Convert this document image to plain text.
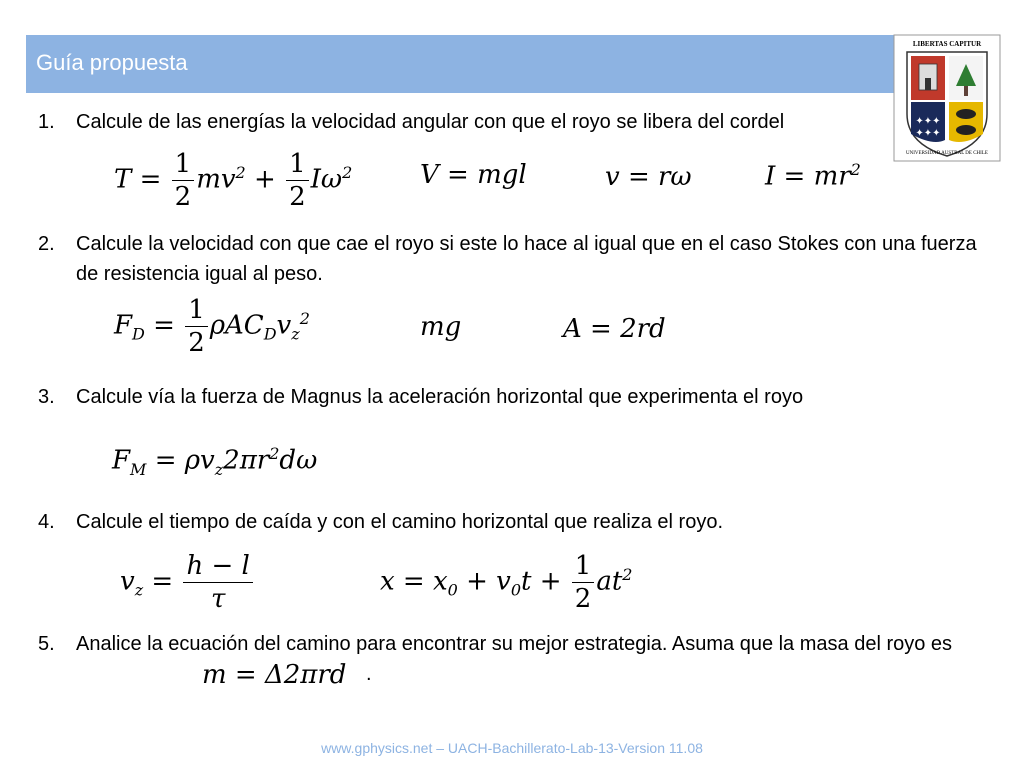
Guía propuesta
LIBERTAS CAPITUR
✦✦✦
✦✦✦
UNIVERSIDAD AUSTRAL DE CHILE
1.	Calcule de las energías la velocidad angular con que el royo se libera del cordel
$T = \frac{1}{2} mv^2 + \frac{1}{2} I\omega^2$	V = mgl	v = rω	$I = mr^2$
2.	Calcule la velocidad con que cae el royo si este lo hace al igual que en el caso Stokes con una fuerza de resistencia igual al peso.
$F_D = \frac{1}{2} \rho AC_Dv_z^2$	mg	A = 2rd
3.	Calcule vía la fuerza de Magnus la aceleración horizontal que experimenta el royo
$F_M = \rho v_z2\pi r^2d\omega$
4.	Calcule el tiempo de caída y con el camino horizontal que realiza el royo.
$v_z = \frac{h - l}{\tau}$	$x = x_0 + v_0t + \frac{1}{2} at^2$
5.	Analice la ecuación del camino para encontrar su mejor estrategia. Asuma que la masa del royo es
m = Δ2πrd .
www.gphysics.net – UACH-Bachillerato-Lab-13-Version 11.08
